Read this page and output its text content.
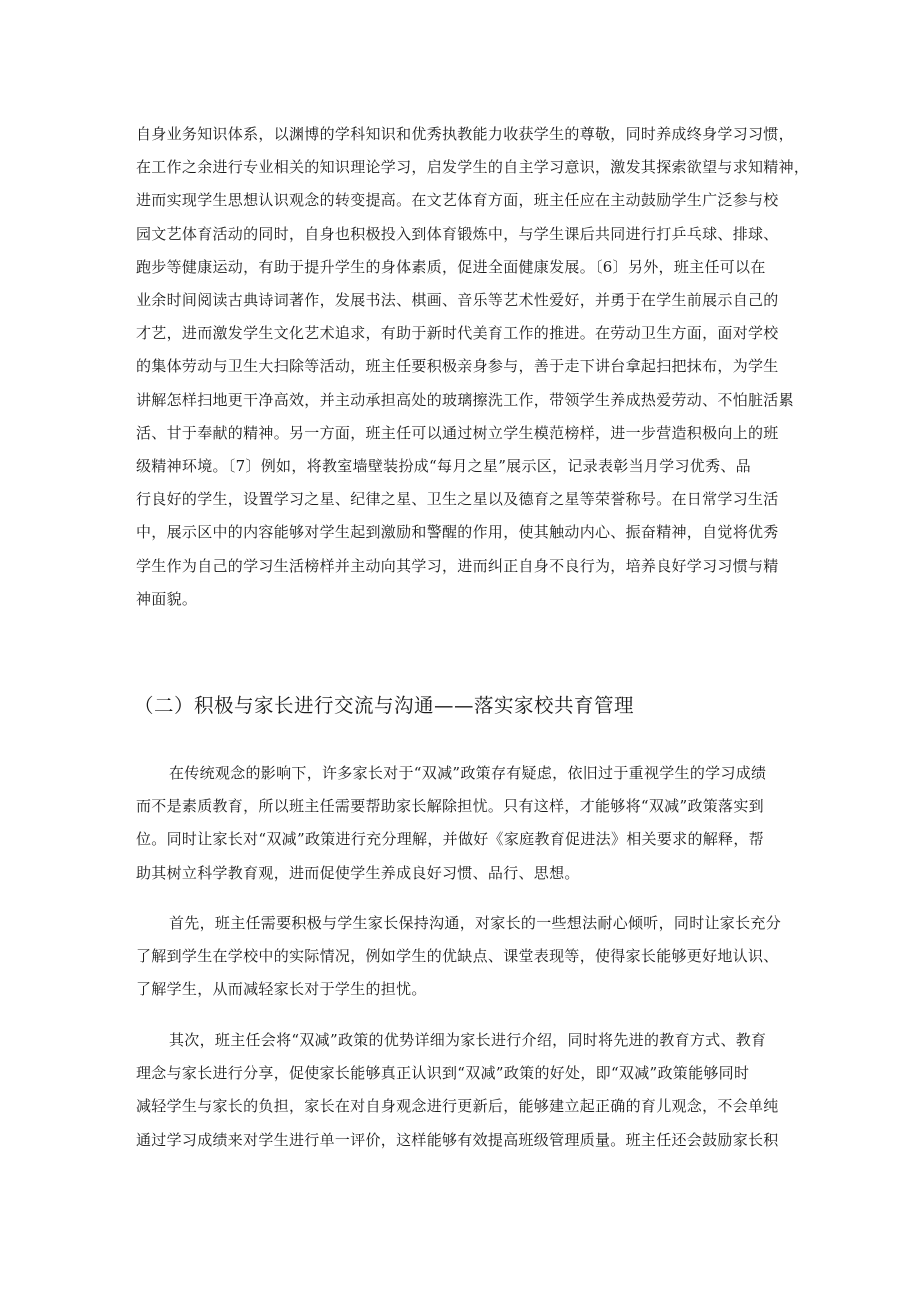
自身业务知识体系，以渊博的学科知识和优秀执教能力收获学生的尊敬，同时养成终身学习习惯，
在工作之余进行专业相关的知识理论学习，启发学生的自主学习意识，激发其探索欲望与求知精神，
进而实现学生思想认识观念的转变提高。在文艺体育方面，班主任应在主动鼓励学生广泛参与校
园文艺体育活动的同时，自身也积极投入到体育锻炼中，与学生课后共同进行打乒乓球、排球、
跑步等健康运动，有助于提升学生的身体素质，促进全面健康发展。〔6〕另外，班主任可以在
业余时间阅读古典诗词著作，发展书法、棋画、音乐等艺术性爱好，并勇于在学生前展示自己的
才艺，进而激发学生文化艺术追求，有助于新时代美育工作的推进。在劳动卫生方面，面对学校
的集体劳动与卫生大扫除等活动，班主任要积极亲身参与，善于走下讲台拿起扫把抹布，为学生
讲解怎样扫地更干净高效，并主动承担高处的玻璃擦洗工作，带领学生养成热爱劳动、不怕脏活累
活、甘于奉献的精神。另一方面，班主任可以通过树立学生模范榜样，进一步营造积极向上的班
级精神环境。〔7〕例如，将教室墙壁装扮成“每月之星”展示区，记录表彰当月学习优秀、品
行良好的学生，设置学习之星、纪律之星、卫生之星以及德育之星等荣誉称号。在日常学习生活
中，展示区中的内容能够对学生起到激励和警醒的作用，使其触动内心、振奋精神，自觉将优秀
学生作为自己的学习生活榜样并主动向其学习，进而纠正自身不良行为，培养良好学习习惯与精
神面貌。

（二）积极与家长进行交流与沟通——落实家校共育管理

在传统观念的影响下，许多家长对于“双减”政策存有疑虑，依旧过于重视学生的学习成绩
而不是素质教育，所以班主任需要帮助家长解除担忧。只有这样，才能够将“双减”政策落实到
位。同时让家长对“双减”政策进行充分理解，并做好《家庭教育促进法》相关要求的解释，帮
助其树立科学教育观，进而促使学生养成良好习惯、品行、思想。

首先，班主任需要积极与学生家长保持沟通，对家长的一些想法耐心倾听，同时让家长充分
了解到学生在学校中的实际情况，例如学生的优缺点、课堂表现等，使得家长能够更好地认识、
了解学生，从而减轻家长对于学生的担忧。

其次，班主任会将“双减”政策的优势详细为家长进行介绍，同时将先进的教育方式、教育
理念与家长进行分享，促使家长能够真正认识到“双减”政策的好处，即“双减”政策能够同时
减轻学生与家长的负担，家长在对自身观念进行更新后，能够建立起正确的育儿观念，不会单纯
通过学习成绩来对学生进行单一评价，这样能够有效提高班级管理质量。班主任还会鼓励家长积
